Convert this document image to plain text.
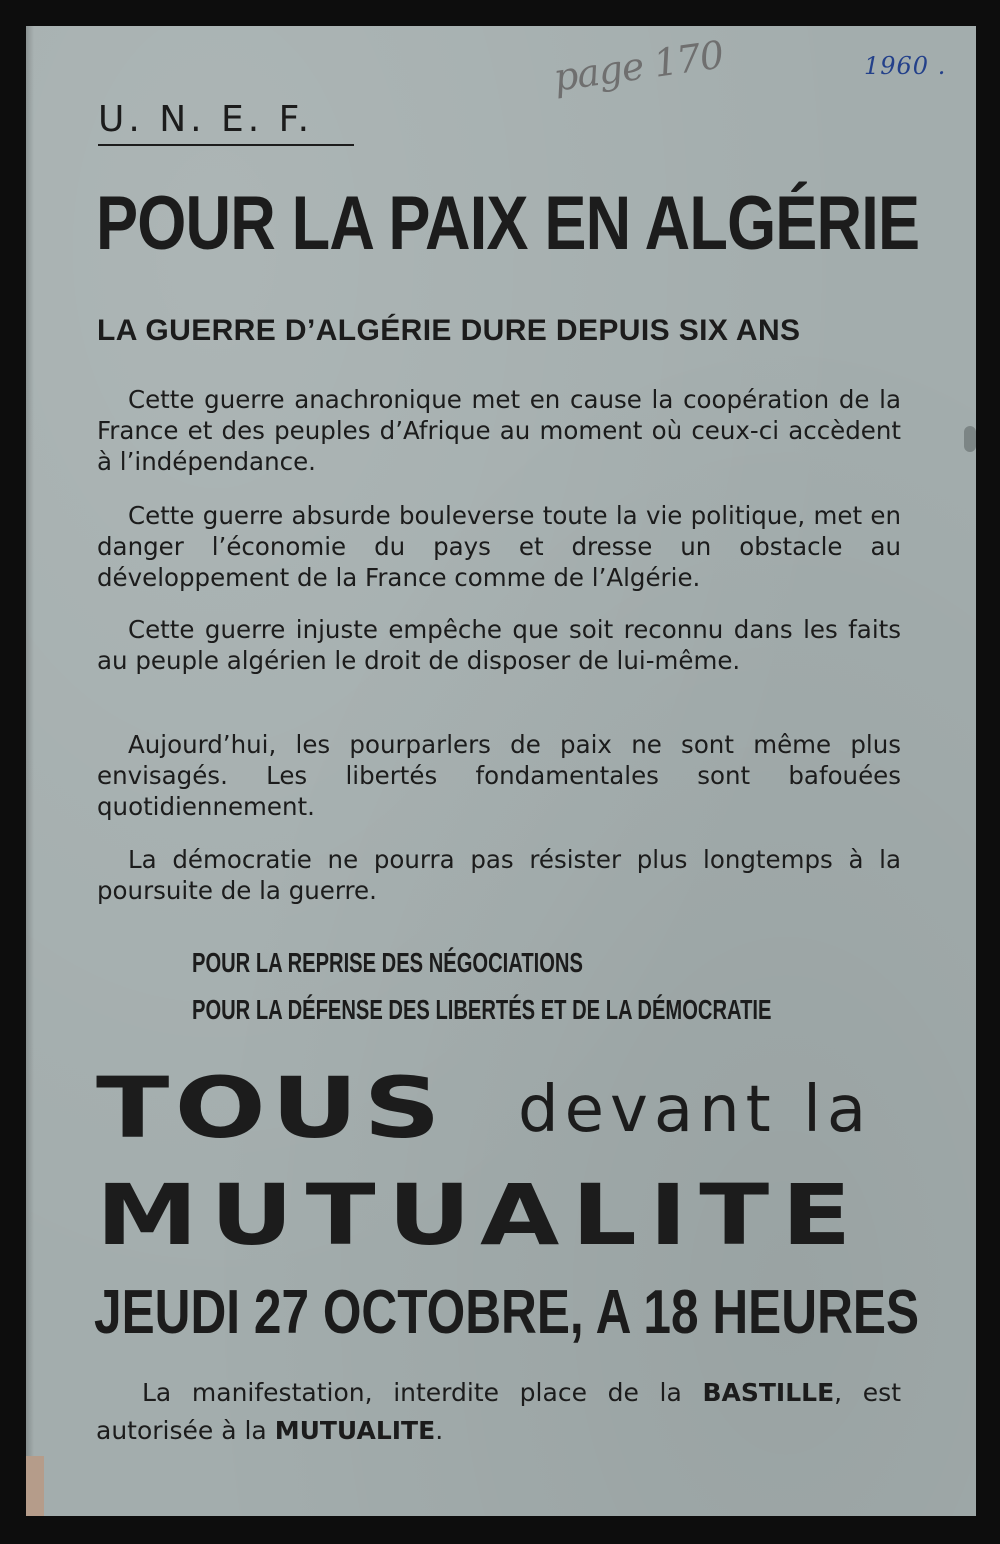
page 170	1960 .
U. N. E. F.
POUR LA PAIX EN ALGÉRIE
LA GUERRE D’ALGÉRIE DURE DEPUIS SIX ANS

Cette guerre anachronique met en cause la coopération de la France et des peuples d’Afrique au moment où ceux-ci accèdent à l’indépendance.

Cette guerre absurde bouleverse toute la vie politique, met en danger l’économie du pays et dresse un obstacle au développement de la France comme de l’Algérie.

Cette guerre injuste empêche que soit reconnu dans les faits au peuple algérien le droit de disposer de lui-même.

Aujourd’hui, les pourparlers de paix ne sont même plus envisagés. Les libertés fondamentales sont bafouées quotidiennement.

La démocratie ne pourra pas résister plus longtemps à la poursuite de la guerre.

POUR LA REPRISE DES NÉGOCIATIONS
POUR LA DÉFENSE DES LIBERTÉS ET DE LA DÉMOCRATIE
TOUS devant la
MUTUALITE
JEUDI 27 OCTOBRE, A 18 HEURES

La manifestation, interdite place de la BASTILLE, est autorisée à la MUTUALITE.
